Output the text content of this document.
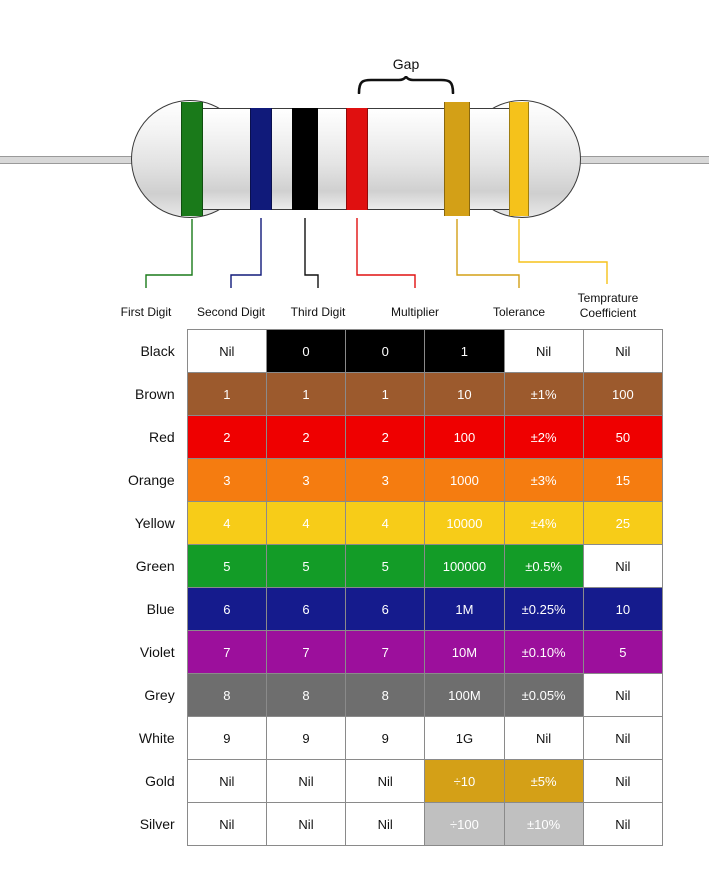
Gap
First Digit	Second Digit	Third Digit	Multiplier	Tolerance
Temprature
Coefficient
Black	Nil	0	0	1	Nil	Nil
Brown	1	1	1	10	±1%	100
Red	2	2	2	100	±2%	50
Orange	3	3	3	1000	±3%	15
Yellow	4	4	4	10000	±4%	25
Green	5	5	5	100000	±0.5%	Nil
Blue	6	6	6	1M	±0.25%	10
Violet	7	7	7	10M	±0.10%	5
Grey	8	8	8	100M	±0.05%	Nil
White	9	9	9	1G	Nil	Nil
Gold	Nil	Nil	Nil	÷10	±5%	Nil
Silver	Nil	Nil	Nil	÷100	±10%	Nil
